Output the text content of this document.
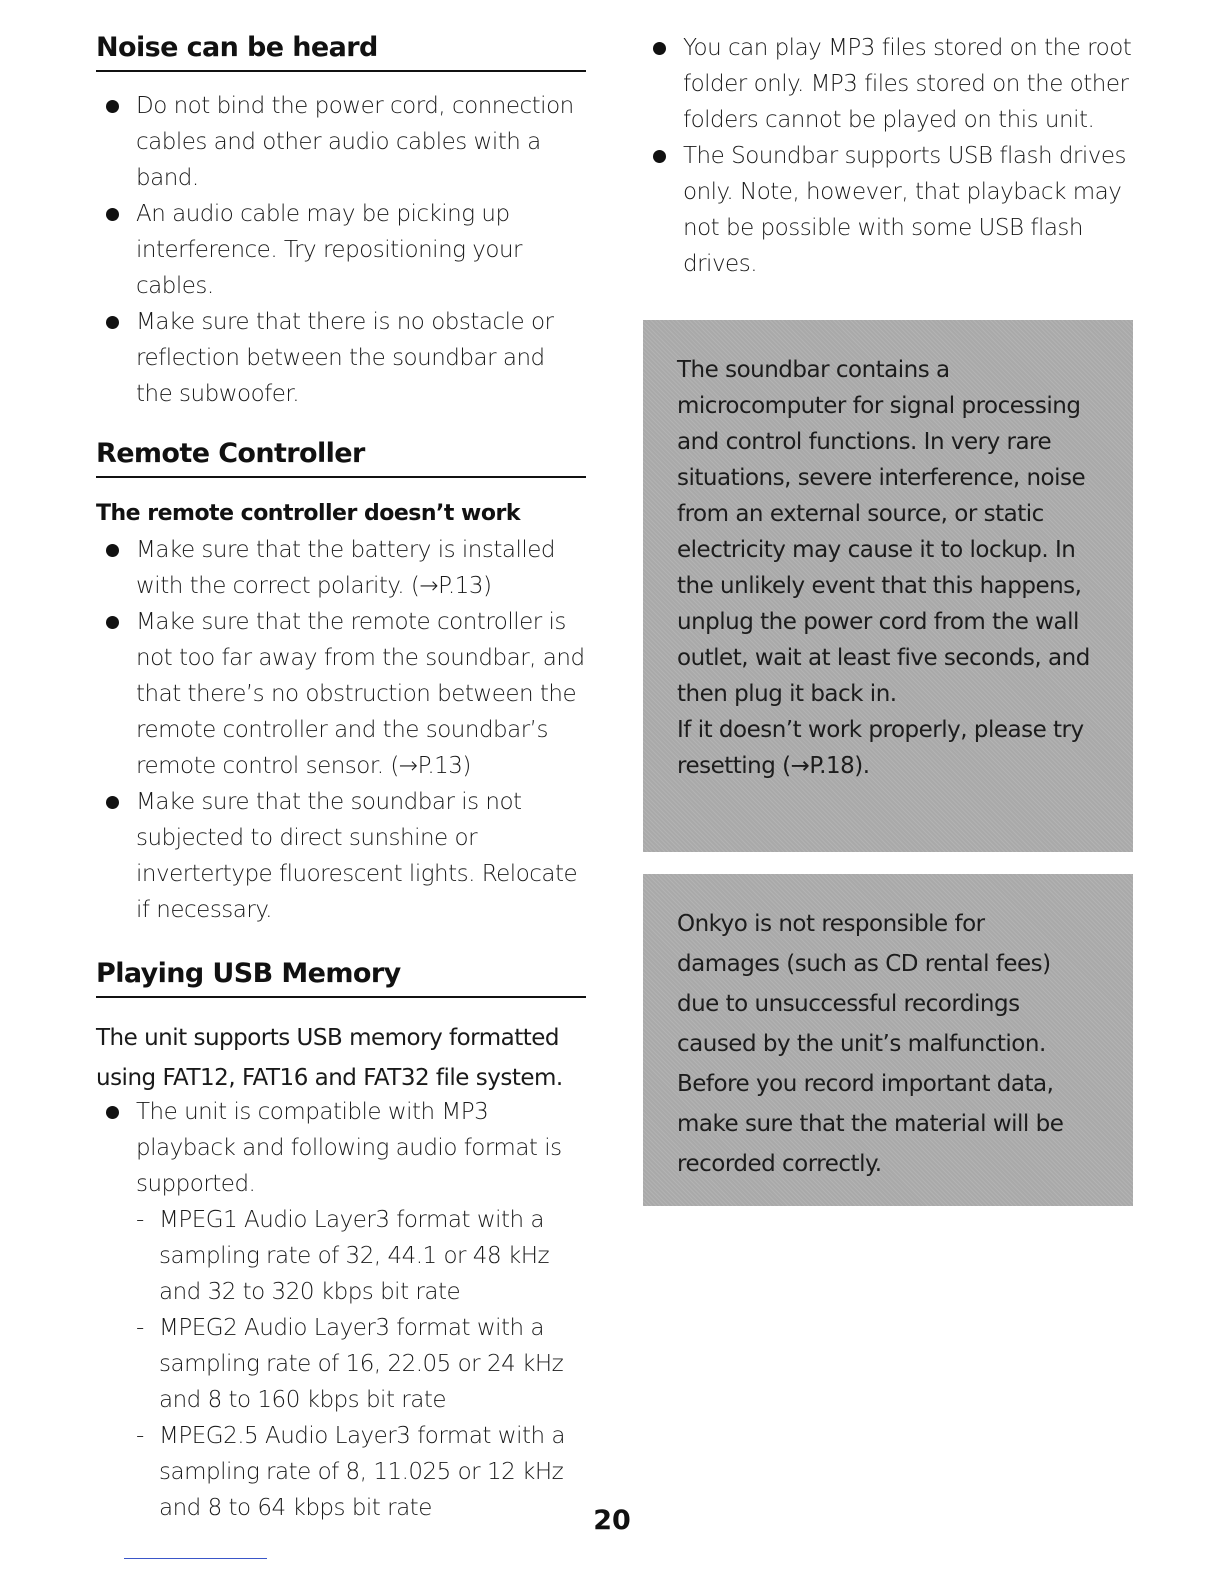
Noise can be heard
Do not bind the power cord, connection cables and other audio cables with a band.
An audio cable may be picking up interference. Try repositioning your cables.
Make sure that there is no obstacle or reflection between the soundbar and the subwoofer.
Remote Controller
The remote controller doesn’t work
Make sure that the battery is installed with the correct polarity. (→P.13)
Make sure that the remote controller is not too far away from the soundbar, and that there’s no obstruction between the remote controller and the soundbar’s remote control sensor. (→P.13)
Make sure that the soundbar is not subjected to direct sunshine or invertertype fluorescent lights. Relocate if necessary.
Playing USB Memory

The unit supports USB memory formatted using FAT12, FAT16 and FAT32 file system.

The unit is compatible with MP3 playback and following audio format is supported.
- MPEG1 Audio Layer3 format with a sampling rate of 32, 44.1 or 48 kHz and 32 to 320 kbps bit rate
- MPEG2 Audio Layer3 format with a sampling rate of 16, 22.05 or 24 kHz and 8 to 160 kbps bit rate
- MPEG2.5 Audio Layer3 format with a sampling rate of 8, 11.025 or 12 kHz and 8 to 64 kbps bit rate
You can play MP3 files stored on the root folder only. MP3 files stored on the other folders cannot be played on this unit.
The Soundbar supports USB flash drives only. Note, however, that playback may not be possible with some USB flash drives.

The soundbar contains a microcomputer for signal processing and control functions. In very rare situations, severe interference, noise from an external source, or static electricity may cause it to lockup. In the unlikely event that this happens, unplug the power cord from the wall outlet, wait at least five seconds, and then plug it back in.

If it doesn’t work properly, please try resetting (→P.18).

Onkyo is not responsible for damages (such as CD rental fees) due to unsuccessful recordings caused by the unit’s malfunction. Before you record important data, make sure that the material will be recorded correctly.

20
